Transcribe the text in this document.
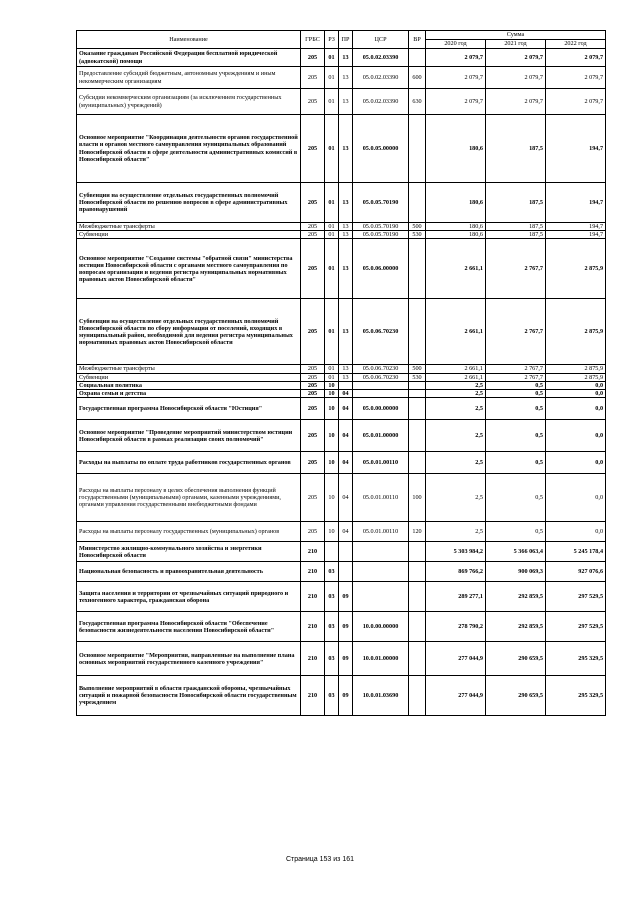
Наименование	ГРБС	РЗ	ПР	ЦСР	ВР	Сумма		
						2020 год	2021 год	2022 год
Оказание гражданам Российской Федерации бесплатной юридической (адвокатской) помощи	205	01	13	05.0.02.03390		2 079,7	2 079,7	2 079,7
Предоставление субсидий бюджетным, автономным учреждениям и иным некоммерческим организациям	205	01	13	05.0.02.03390	600	2 079,7	2 079,7	2 079,7
Субсидии некоммерческим организациям (за исключением государственных (муниципальных) учреждений)	205	01	13	05.0.02.03390	630	2 079,7	2 079,7	2 079,7
Основное мероприятие "Координация деятельности органов государственной власти и органов местного самоуправления муниципальных образований Новосибирской области в сфере деятельности административных комиссий в Новосибирской области"	205	01	13	05.0.05.00000		180,6	187,5	194,7
Субвенции на осуществление отдельных государственных полномочий Новосибирской области по решению вопросов в сфере административных правонарушений	205	01	13	05.0.05.70190		180,6	187,5	194,7
Межбюджетные трансферты	205	01	13	05.0.05.70190	500	180,6	187,5	194,7
Субвенции	205	01	13	05.0.05.70190	530	180,6	187,5	194,7
Основное мероприятие "Создание системы "обратной связи" министерства юстиции Новосибирской области с органами местного самоуправления по вопросам организации и ведения регистра муниципальных нормативных правовых актов Новосибирской области"	205	01	13	05.0.06.00000		2 661,1	2 767,7	2 875,9
Субвенции на осуществление отдельных государственных полномочий Новосибирской области по сбору информации от поселений, входящих в муниципальный район, необходимой для ведения регистра муниципальных нормативных правовых актов Новосибирской области	205	01	13	05.0.06.70230		2 661,1	2 767,7	2 875,9
Межбюджетные трансферты	205	01	13	05.0.06.70230	500	2 661,1	2 767,7	2 875,9
Субвенции	205	01	13	05.0.06.70230	530	2 661,1	2 767,7	2 875,9
Социальная политика	205	10				2,5	0,5	0,0
Охрана семьи и детства	205	10	04			2,5	0,5	0,0
Государственная программа Новосибирской области "Юстиция"	205	10	04	05.0.00.00000		2,5	0,5	0,0
Основное мероприятие "Проведение мероприятий министерством юстиции Новосибирской области в рамках реализации своих полномочий"	205	10	04	05.0.01.00000		2,5	0,5	0,0
Расходы на выплаты по оплате труда работников государственных органов	205	10	04	05.0.01.00110		2,5	0,5	0,0
Расходы на выплаты персоналу в целях обеспечения выполнения функций государственными (муниципальными) органами, казенными учреждениями, органами управления государственными внебюджетными фондами	205	10	04	05.0.01.00110	100	2,5	0,5	0,0
Расходы на выплаты персоналу государственных (муниципальных) органов	205	10	04	05.0.01.00110	120	2,5	0,5	0,0
Министерство жилищно-коммунального хозяйства и энергетики Новосибирской области	210					5 303 984,2	5 366 063,4	5 245 178,4
Национальная безопасность и правоохранительная деятельность	210	03				869 766,2	900 069,3	927 076,6
Защита населения и территории от чрезвычайных ситуаций природного и техногенного характера, гражданская оборона	210	03	09			289 277,1	292 859,5	297 529,5
Государственная программа Новосибирской области "Обеспечение безопасности жизнедеятельности населения Новосибирской области"	210	03	09	10.0.00.00000		278 790,2	292 859,5	297 529,5
Основное мероприятие "Мероприятия, направленные на выполнение плана основных мероприятий государственного казенного учреждения"	210	03	09	10.0.01.00000		277 044,9	290 659,5	295 329,5
Выполнение мероприятий в области гражданской обороны, чрезвычайных ситуаций и пожарной безопасности Новосибирской области государственным учреждением	210	03	09	10.0.01.03690		277 044,9	290 659,5	295 329,5
Страница 153 из 161
